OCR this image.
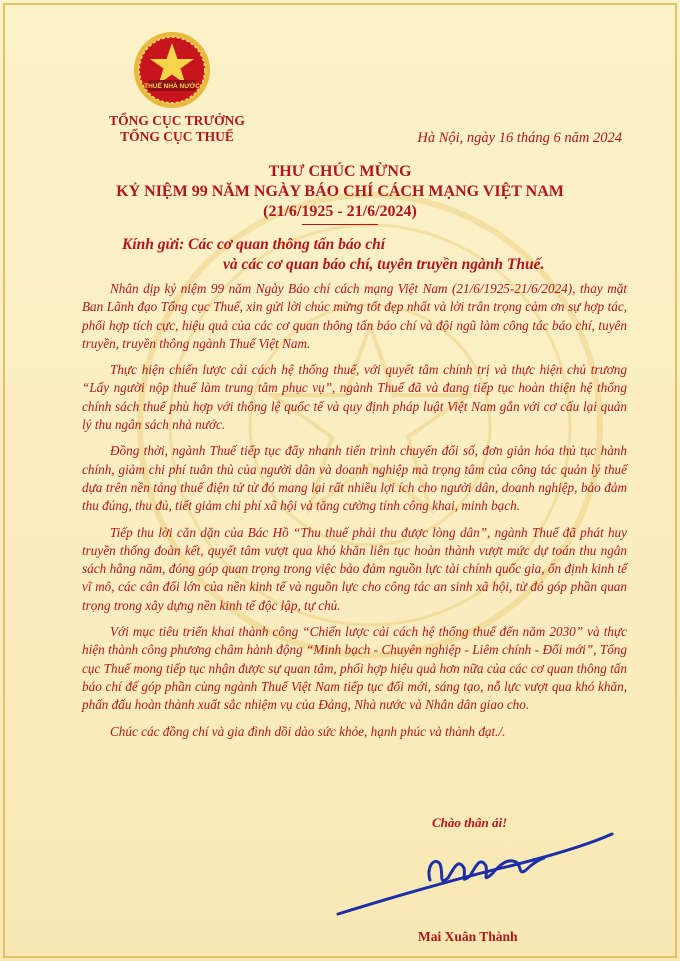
THUẾ NHÀ NƯỚC
TỔNG CỤC TRƯỞNG
TỔNG CỤC THUẾ	Hà Nội, ngày 16 tháng 6 năm 2024
THƯ CHÚC MỪNG
KỶ NIỆM 99 NĂM NGÀY BÁO CHÍ CÁCH MẠNG VIỆT NAM
(21/6/1925 - 21/6/2024)
Kính gửi: Các cơ quan thông tấn báo chí
và các cơ quan báo chí, tuyên truyền ngành Thuế.

Nhân dịp kỷ niệm 99 năm Ngày Báo chí cách mạng Việt Nam (21/6/1925-21/6/2024), thay mặt Ban Lãnh đạo Tổng cục Thuế, xin gửi lời chúc mừng tốt đẹp nhất và lời trân trọng cảm ơn sự hợp tác, phối hợp tích cực, hiệu quả của các cơ quan thông tấn báo chí và đội ngũ làm công tác báo chí, tuyên truyền, truyền thông ngành Thuế Việt Nam.

Thực hiện chiến lược cải cách hệ thống thuế, với quyết tâm chính trị và thực hiện chủ trương “Lấy người nộp thuế làm trung tâm phục vụ”, ngành Thuế đã và đang tiếp tục hoàn thiện hệ thống chính sách thuế phù hợp với thông lệ quốc tế và quy định pháp luật Việt Nam gắn với cơ cấu lại quản lý thu ngân sách nhà nước.

Đồng thời, ngành Thuế tiếp tục đẩy nhanh tiến trình chuyển đổi số, đơn giản hóa thủ tục hành chính, giảm chi phí tuân thủ của người dân và doanh nghiệp mà trọng tâm của công tác quản lý thuế dựa trên nền tảng thuế điện tử từ đó mang lại rất nhiều lợi ích cho người dân, doanh nghiệp, bảo đảm thu đúng, thu đủ, tiết giảm chi phí xã hội và tăng cường tính công khai, minh bạch.

Tiếp thu lời căn dặn của Bác Hồ “Thu thuế phải thu được lòng dân”, ngành Thuế đã phát huy truyền thống đoàn kết, quyết tâm vượt qua khó khăn liên tục hoàn thành vượt mức dự toán thu ngân sách hằng năm, đóng góp quan trọng trong việc bảo đảm nguồn lực tài chính quốc gia, ổn định kinh tế vĩ mô, các cân đối lớn của nền kinh tế và nguồn lực cho công tác an sinh xã hội, từ đó góp phần quan trọng trong xây dựng nền kinh tế độc lập, tự chủ.

Với mục tiêu triển khai thành công “Chiến lược cải cách hệ thống thuế đến năm 2030” và thực hiện thành công phương châm hành động “Minh bạch - Chuyên nghiệp - Liêm chính - Đổi mới”, Tổng cục Thuế mong tiếp tục nhận được sự quan tâm, phối hợp hiệu quả hơn nữa của các cơ quan thông tấn báo chí để góp phần cùng ngành Thuế Việt Nam tiếp tục đổi mới, sáng tạo, nỗ lực vượt qua khó khăn, phấn đấu hoàn thành xuất sắc nhiệm vụ của Đảng, Nhà nước và Nhân dân giao cho.

Chúc các đồng chí và gia đình dồi dào sức khỏe, hạnh phúc và thành đạt./.

Chào thân ái!
Mai Xuân Thành
